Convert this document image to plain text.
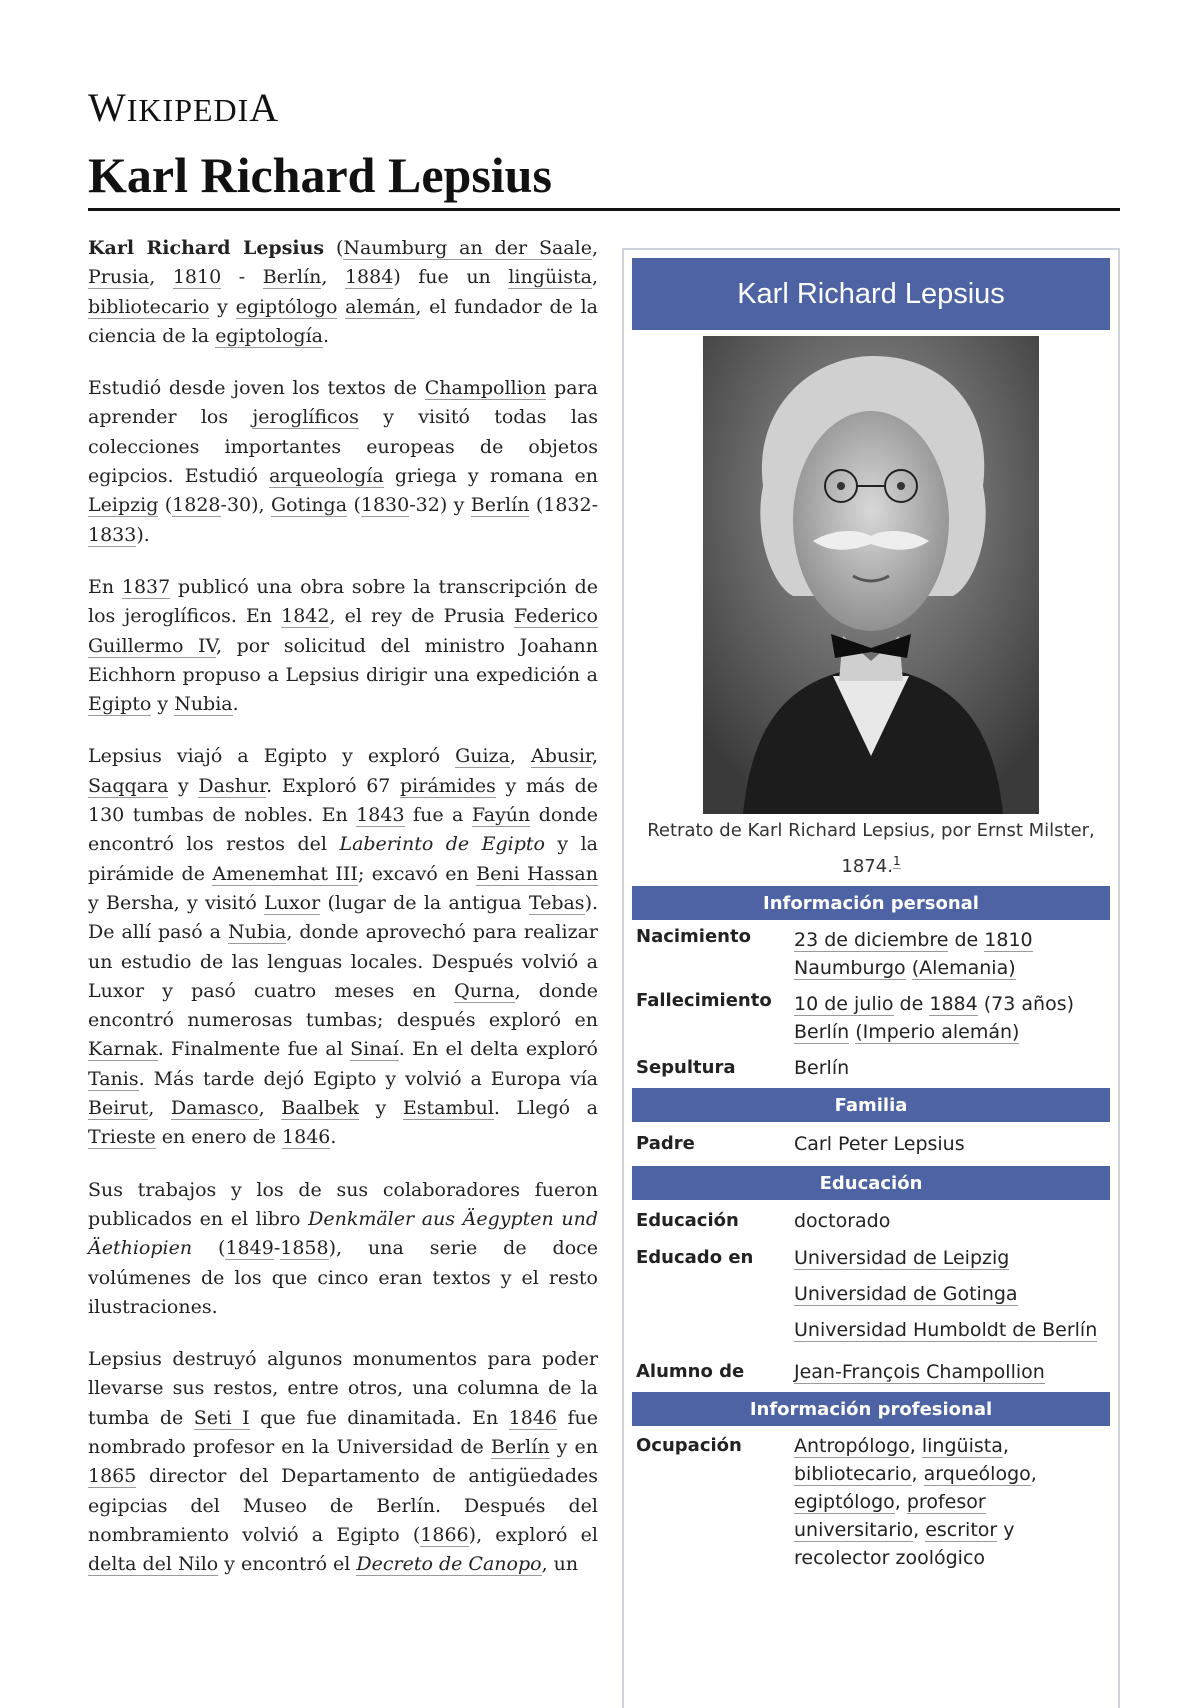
WIKIPEDIA
Karl Richard Lepsius

Karl Richard Lepsius (Naumburg an der Saale, Prusia, 1810 - Berlín, 1884) fue un lingüista, bibliotecario y egiptólogo alemán, el fundador de la ciencia de la egiptología.

Estudió desde joven los textos de Champollion para aprender los jeroglíficos y visitó todas las colecciones importantes europeas de objetos egipcios. Estudió arqueología griega y romana en Leipzig (1828-30), Gotinga (1830-32) y Berlín (1832-1833).

En 1837 publicó una obra sobre la transcripción de los jeroglíficos. En 1842, el rey de Prusia Federico Guillermo IV, por solicitud del ministro Joahann Eichhorn propuso a Lepsius dirigir una expedición a Egipto y Nubia.

Lepsius viajó a Egipto y exploró Guiza, Abusir, Saqqara y Dashur. Exploró 67 pirámides y más de 130 tumbas de nobles. En 1843 fue a Fayún donde encontró los restos del Laberinto de Egipto y la pirámide de Amenemhat III; excavó en Beni Hassan y Bersha, y visitó Luxor (lugar de la antigua Tebas). De allí pasó a Nubia, donde aprovechó para realizar un estudio de las lenguas locales. Después volvió a Luxor y pasó cuatro meses en Qurna, donde encontró numerosas tumbas; después exploró en Karnak. Finalmente fue al Sinaí. En el delta exploró Tanis. Más tarde dejó Egipto y volvió a Europa vía Beirut, Damasco, Baalbek y Estambul. Llegó a Trieste en enero de 1846.

Sus trabajos y los de sus colaboradores fueron publicados en el libro Denkmäler aus Äegypten und Äethiopien (1849-1858), una serie de doce volúmenes de los que cinco eran textos y el resto ilustraciones.

Lepsius destruyó algunos monumentos para poder llevarse sus restos, entre otros, una columna de la tumba de Seti I que fue dinamitada. En 1846 fue nombrado profesor en la Universidad de Berlín y en 1865 director del Departamento de antigüedades egipcias del Museo de Berlín. Después del nombramiento volvió a Egipto (1866), exploró el delta del Nilo y encontró el Decreto de Canopo, un

Karl Richard Lepsius
Retrato de Karl Richard Lepsius, por Ernst Milster, 1874.$^1$
Información personal
Nacimiento	23 de diciembre de 1810
Naumburgo (Alemania)
Fallecimiento	10 de julio de 1884 (73 años)
Berlín (Imperio alemán)
Sepultura	Berlín
Familia
Padre	Carl Peter Lepsius
Educación
Educación	doctorado
Educado en	Universidad de Leipzig
Universidad de Gotinga
Universidad Humboldt de Berlín
Alumno de	Jean-François Champollion
Información profesional
Ocupación	Antropólogo, lingüista,
bibliotecario, arqueólogo,
egiptólogo, profesor universitario, escritor y recolector zoológico
